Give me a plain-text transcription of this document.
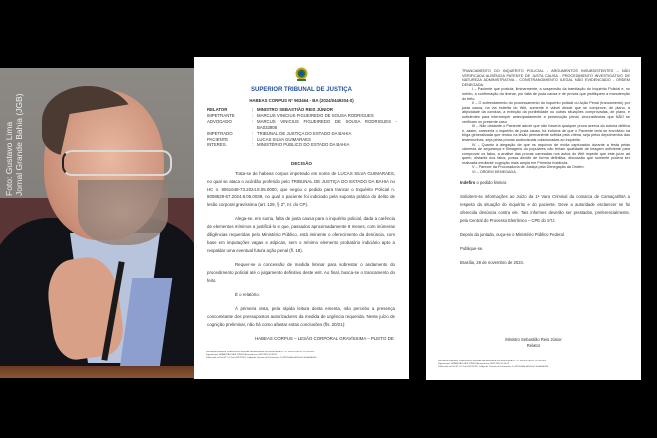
Foto: Gustavo Lima Jornal Grande Bahia (JGB)
SUPERIOR TRIBUNAL DE JUSTIÇA
HABEAS CORPUS Nº 963464 - BA (2024/0449204-0)
RELATOR	: MINISTRO SEBASTIÃO REIS JÚNIOR
IMPETRANTE	: MARCUS VINICIUS FIGUEIREDO DE SOUSA RODRIGUES
ADVOGADO	: MARCUS VINICIUS FIGUEIREDO DE SOUSA RODRIGUES - BA033908
IMPETRADO	: TRIBUNAL DE JUSTIÇA DO ESTADO DA BAHIA
PACIENTE	: LUCAS SILVA GUIMARAES
INTERES.	: MINISTÉRIO PÚBLICO DO ESTADO DA BAHIA
DECISÃO

Trata-se de habeas corpus impetrado em nome de LUCAS SILVA GUIMARAES, no qual se ataca o acórdão proferido pelo TRIBUNAL DE JUSTIÇA DO ESTADO DA BAHIA no HC n. 8051648-73.2024.8.05.0000, que negou o pedido para trancar o Inquérito Policial n. 8008629-57.2024.8.05.0039, no qual o paciente foi indiciado pela suposta prática do delito de lesão corporal gravíssima (art. 129, § 2º, III, do CP).

Alega-se, em suma, falta de justa causa para o inquérito policial, dada a carência de elementos mínimos a justificá-lo e que, passados aproximadamente 8 meses, com inúmeras diligências requeridas pelo Ministério Público, está iminente o oferecimento da denúncia, com base em imputações vagas e atípicas, sem o mínimo elemento probatório indiciário apto a respaldar uma eventual futura ação penal (fl. 18).

Requer-se a concessão de medida liminar para sobrestar o andamento do procedimento policial até o julgamento definitivo deste writ. Ao final, busca-se o trancamento do feito.

É o relatório.

À primeira vista, pela rápida leitura desta ementa, não percebo a presença concomitante dos pressupostos autorizadores da medida de urgência requerida. Neste juízo de cognição preliminar, não há como afastar estas conclusões (fls. 20/21):

HABEAS CORPUS – LESÃO CORPORAL GRAVÍSSIMA – PLEITO DE

Documento eletrônico VDA44498556 assinado eletronicamente nos termos do Art.1º §2º inciso III da Lei 11.419/2006
Signatário(a): SEBASTIÃO REIS JÚNIOR Assinado em: 28/11/2024 19:34:05
Publicação no DJe/STJ nº 4 de 02/12/2024. Código de Controle do Documento: 7cc8f7f2-8d4b-4b5f-b5a7-0e6d0f4b39fc

TRANCAMENTO DO INQUÉRITO POLICIAL - ARGUMENTOS INSUBSISTENTES – NÃO VERIFICADA AUSÊNCIA PATENTE DE JUSTA CAUSA - PROCEDIMENTO INVESTIGATIVO DE NATUREZA ADMINISTRATIVA - CONSTRANGIMENTO ILEGAL NÃO EVIDENCIADO - ORDEM DENEGADA.

I – Paciente que postula, liminarmente, a suspensão da tramitação do Inquérito Policial e, no mérito, a confirmação da liminar, por falta de justa causa e de provas que justifiquem a manutenção do feito.

II – O sobrestamento do processamento do inquérito policial ou Ação Penal (trancamento) por justa causa, na via estreita do Writ, somente é viável desde que se comprove, de plano, a atipicidade da conduta, a extinção da punibilidade ou outras situações comprovadas, de plano, e suficientes para interromper antecipadamente a persecução penal, circunstâncias que NÃO se verificam no presente caso.

III – Não obstante o Paciente aduzir que não haveria qualquer prova acerca da autoria delitiva e, assim, careceria o inquérito de justa causa, há indícios de que o Paciente teria se envolvido na briga generalizada que restou na lesão permanente sofrida pela vítima, seja pelos depoimentos das testemunhas, seja pelas provas audiovisuais colacionadas ao inquérito.

IV – Quanto à alegação de que os arquivos de mídia capturados durante a festa pelas câmeras de segurança e filmagens do populares não teriam qualidade de imagem suficiente para comprovar os fatos, a análise das provas carreadas nos autos do Writ impede que este juízo ad quem, distante dos fatos, possa decidir de forma definitiva, discussão que somente poderá ser realizada mediante cognição mais ampla em Primeira Instância.

V – Parecer da Procuradoria de Justiça pela Denegação da Ordem.

VI – ORDEM DENEGADA.

Indefiro o pedido liminar.

Solicitem-se informações ao Juízo da 1ª Vara Criminal da comarca de Camaçari/BA a respeito da situação do inquérito e do paciente. Deve a autoridade esclarecer se foi oferecida denúncia contra ele. Tais informes deverão ser prestados, preferencialmente, pela Central do Processo Eletrônico – CPE do STJ.

Depois da juntada, ouça-se o Ministério Público Federal.

Publique-se.

Brasília, 28 de novembro de 2024.

Ministro Sebastião Reis Júnior
Relator
Documento eletrônico VDA44498556 assinado eletronicamente nos termos do Art.1º §2º inciso III da Lei 11.419/2006
Signatário(a): SEBASTIÃO REIS JÚNIOR Assinado em: 28/11/2024 19:34:05
Publicação no DJe/STJ nº 4 de 02/12/2024. Código de Controle do Documento: 7cc8f7f2-8d4b-4b5f-b5a7-0e6d0f4b39fc
